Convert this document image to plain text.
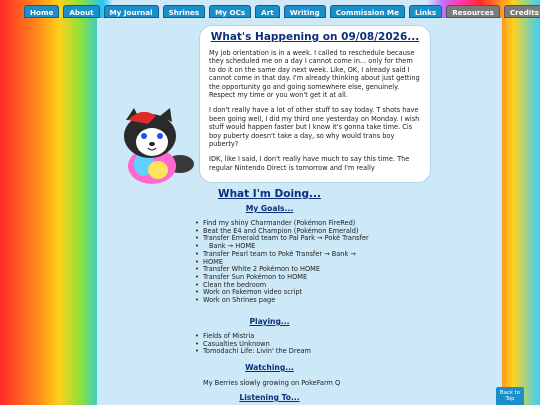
Home	About	My Journal	Shrines	My OCs	Art	Writing	Commission Me	Links	Resources	Credits
What's Happening on 09/08/2026...

My job orientation is in a week. I called to reschedule because they scheduled me on a day I cannot come in... only for them to do it on the same day next week. Like, OK, I already said I cannot come in that day. I'm already thinking about just getting the opportunity go and going somewhere else, genuinely. Respect my time or you won't get it at all.

I don't really have a lot of other stuff to say today. T shots have been going well, I did my third one yesterday on Monday. I wish stuff would happen faster but I know it's gonna take time. Cis boy puberty doesn't take a day, so why would trans boy puberty?

IDK, like I said, I don't really have much to say this time. The regular Nintendo Direct is tomorrow and I'm really

What I'm Doing...
My Goals...
• Find my shiny Charmander (Pokémon FireRed)
• Beat the E4 and Champion (Pokémon Emerald)
• Transfer Emerald team to Pal Park → Poké Transfer
• Bank → HOME
• Transfer Pearl team to Poké Transfer → Bank →
• HOME
• Transfer White 2 Pokémon to HOME
• Transfer Sun Pokémon to HOME
• Clean the bedroom
• Work on Fakemon video script
• Work on Shrines page
Playing...
• Fields of Mistria
• Casualties Unknown
• Tomodachi Life: Livin' the Dream
Watching...
My Berries slowly growing on PokeFarm Q
Listening To...	Back to Top
